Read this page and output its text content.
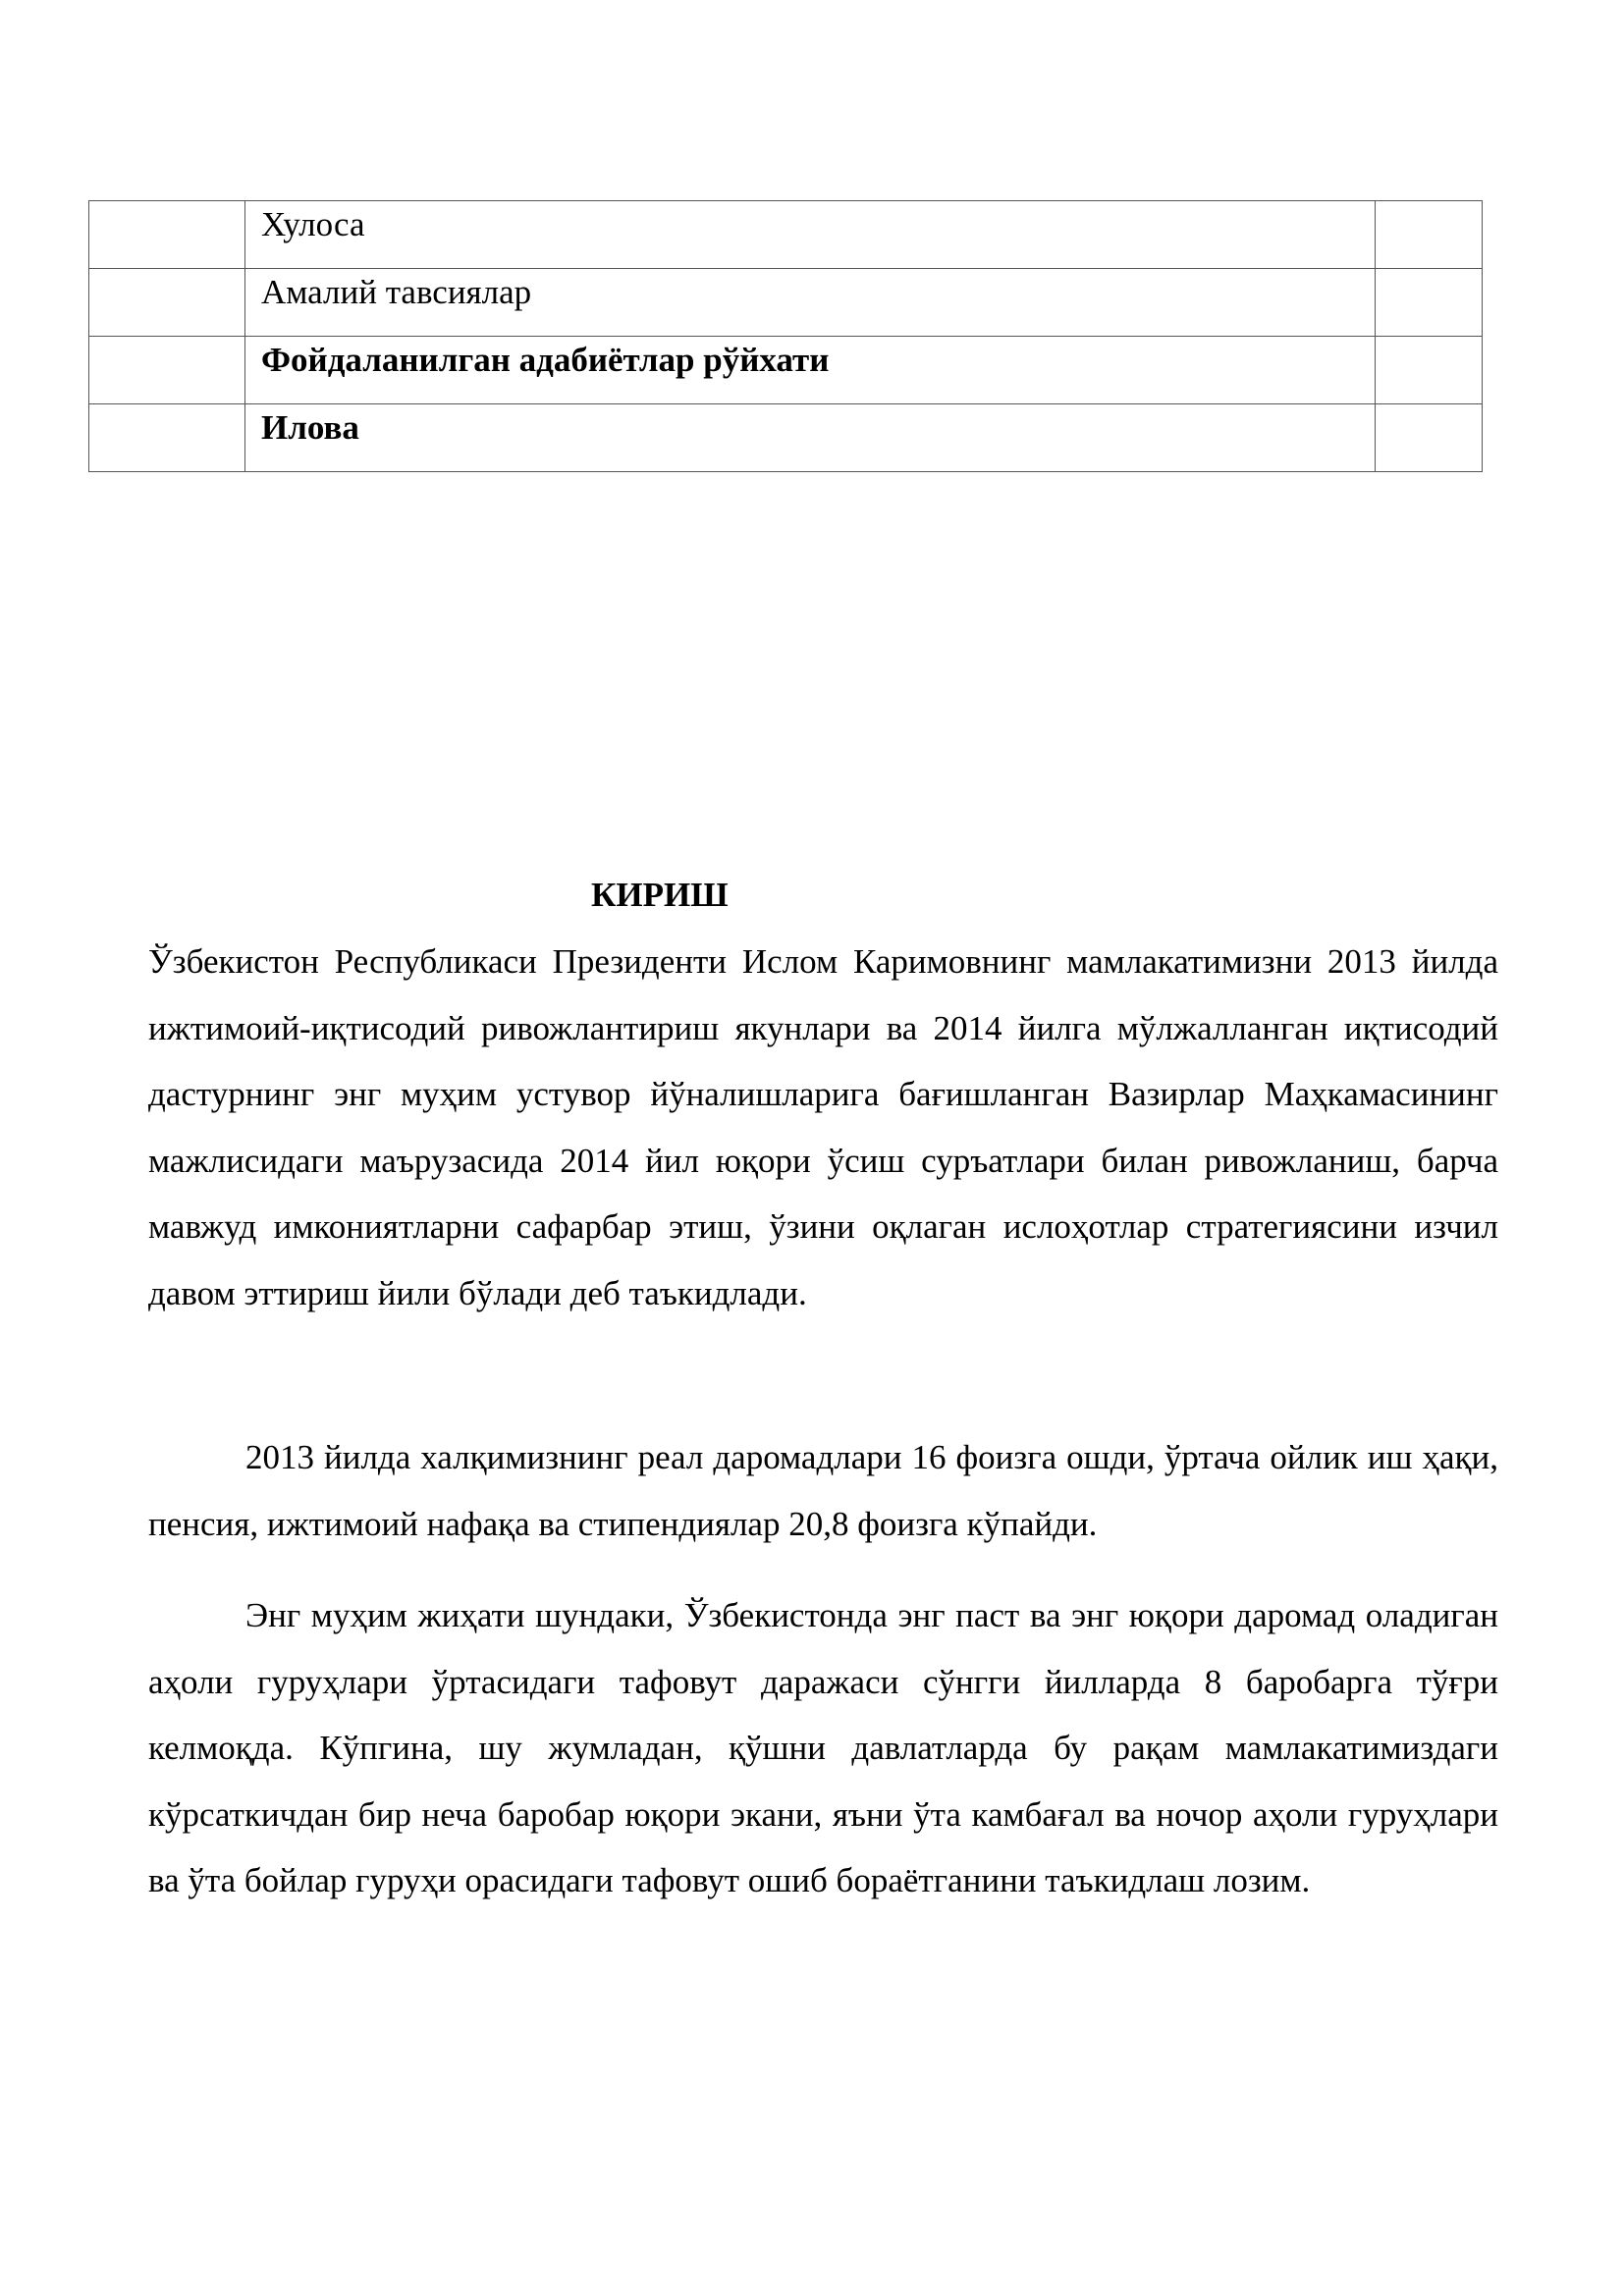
	Хулоса	
	Амалий тавсиялар	
	Фойдаланилган адабиётлар рўйхати	
	Илова	
КИРИШ

Ўзбекистон Республикаси Президенти Ислом Каримовнинг мамлакатимизни 2013 йилда ижтимоий-иқтисодий ривожлантириш якунлари ва 2014 йилга мўлжалланган иқтисодий дастурнинг энг муҳим устувор йўналишларига бағишланган Вазирлар Маҳкамасининг мажлисидаги маърузасида 2014 йил юқори ўсиш суръатлари билан ривожланиш, барча мавжуд имкониятларни сафарбар этиш, ўзини оқлаган ислоҳотлар стратегиясини изчил давом эттириш йили бўлади деб таъкидлади.

2013 йилда халқимизнинг реал даромадлари 16 фоизга ошди, ўртача ойлик иш ҳақи, пенсия, ижтимоий нафақа ва стипендиялар 20,8 фоизга кўпайди.

Энг муҳим жиҳати шундаки, Ўзбекистонда энг паст ва энг юқори даромад оладиган аҳоли гуруҳлари ўртасидаги тафовут даражаси сўнгги йилларда 8 баробарга тўғри келмоқда. Кўпгина, шу жумладан, қўшни давлатларда бу рақам мамлакатимиздаги кўрсаткичдан бир неча баробар юқори экани, яъни ўта камбағал ва ночор аҳоли гуруҳлари ва ўта бойлар гуруҳи орасидаги тафовут ошиб бораётганини таъкидлаш лозим.
